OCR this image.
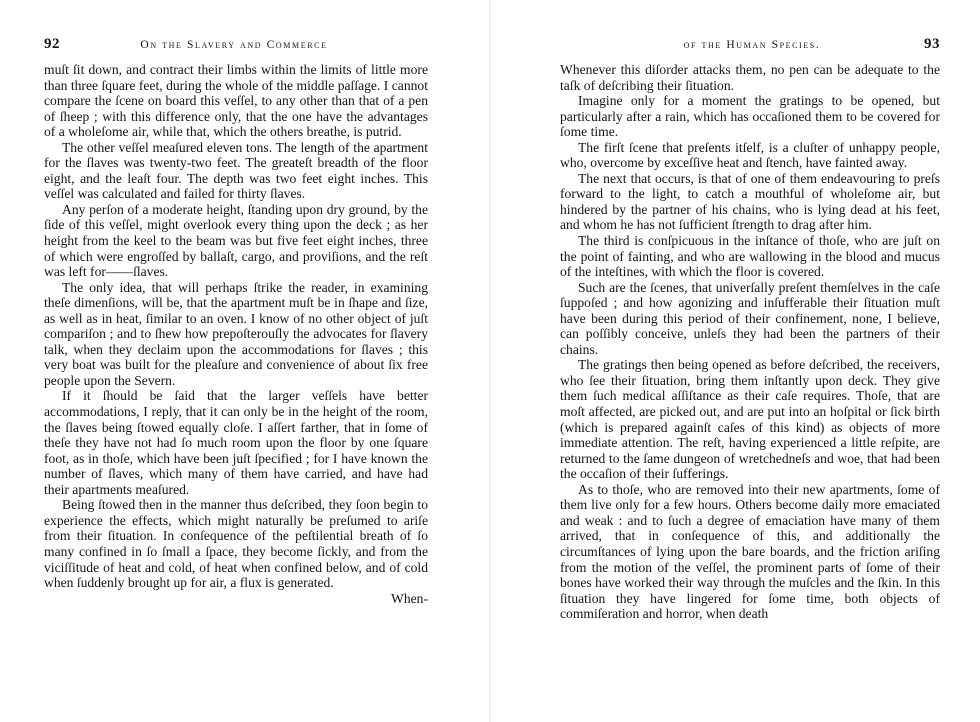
92	On the Slavery and Commerce

muſt ſit down, and contract their limbs within the limits of little more than three ſquare feet, during the whole of the middle paſſage. I cannot compare the ſcene on board this veſſel, to any other than that of a pen of ſheep ; with this difference only, that the one have the advantages of a wholeſome air, while that, which the others breathe, is putrid.

The other veſſel meaſured eleven tons. The length of the apartment for the ſlaves was twenty-two feet. The greateſt breadth of the floor eight, and the leaſt four. The depth was two feet eight inches. This veſſel was calculated and failed for thirty ſlaves.

Any perſon of a moderate height, ſtanding upon dry ground, by the ſide of this veſſel, might overlook every thing upon the deck ; as her height from the keel to the beam was but five feet eight inches, three of which were engroſſed by ballaſt, cargo, and proviſions, and the reſt was left for——ſlaves.

The only idea, that will perhaps ſtrike the reader, in examining theſe dimenſions, will be, that the apartment muſt be in ſhape and ſize, as well as in heat, ſimilar to an oven. I know of no other object of juſt compariſon ; and to ſhew how prepoſterouſly the advocates for ſlavery talk, when they declaim upon the accommodations for ſlaves ; this very boat was built for the pleaſure and convenience of about ſix free people upon the Severn.

If it ſhould be ſaid that the larger veſſels have better accommodations, I reply, that it can only be in the height of the room, the ſlaves being ſtowed equally cloſe. I aſſert farther, that in ſome of theſe they have not had ſo much room upon the floor by one ſquare foot, as in thoſe, which have been juſt ſpecified ; for I have known the number of ſlaves, which many of them have carried, and have had their apartments meaſured.

Being ſtowed then in the manner thus deſcribed, they ſoon begin to experience the effects, which might naturally be preſumed to ariſe from their ſituation. In conſequence of the peſtilential breath of ſo many confined in ſo ſmall a ſpace, they become ſickly, and from the viciſſitude of heat and cold, of heat when confined below, and of cold when ſuddenly brought up for air, a flux is generated.

When-
of the Human Species.	93

Whenever this diſorder attacks them, no pen can be adequate to the taſk of deſcribing their ſituation.

Imagine only for a moment the gratings to be opened, but particularly after a rain, which has occaſioned them to be covered for ſome time.

The firſt ſcene that preſents itſelf, is a cluſter of unhappy people, who, overcome by exceſſive heat and ſtench, have fainted away.

The next that occurs, is that of one of them endeavouring to preſs forward to the light, to catch a mouthful of wholeſome air, but hindered by the partner of his chains, who is lying dead at his feet, and whom he has not ſufficient ſtrength to drag after him.

The third is conſpicuous in the inſtance of thoſe, who are juſt on the point of fainting, and who are wallowing in the blood and mucus of the inteſtines, with which the floor is covered.

Such are the ſcenes, that univerſally preſent themſelves in the caſe ſuppoſed ; and how agonizing and inſufferable their ſituation muſt have been during this period of their confinement, none, I believe, can poſſibly conceive, unleſs they had been the partners of their chains.

The gratings then being opened as before deſcribed, the receivers, who ſee their ſituation, bring them inſtantly upon deck. They give them ſuch medical aſſiſtance as their caſe requires. Thoſe, that are moſt affected, are picked out, and are put into an hoſpital or ſick birth (which is prepared againſt caſes of this kind) as objects of more immediate attention. The reſt, having experienced a little reſpite, are returned to the ſame dungeon of wretchedneſs and woe, that had been the occaſion of their ſufferings.

As to thoſe, who are removed into their new apartments, ſome of them live only for a few hours. Others become daily more emaciated and weak : and to ſuch a degree of emaciation have many of them arrived, that in conſequence of this, and additionally the circumſtances of lying upon the bare boards, and the friction ariſing from the motion of the veſſel, the prominent parts of ſome of their bones have worked their way through the muſcles and the ſkin. In this ſituation they have lingered for ſome time, both objects of commiſeration and horror, when death
